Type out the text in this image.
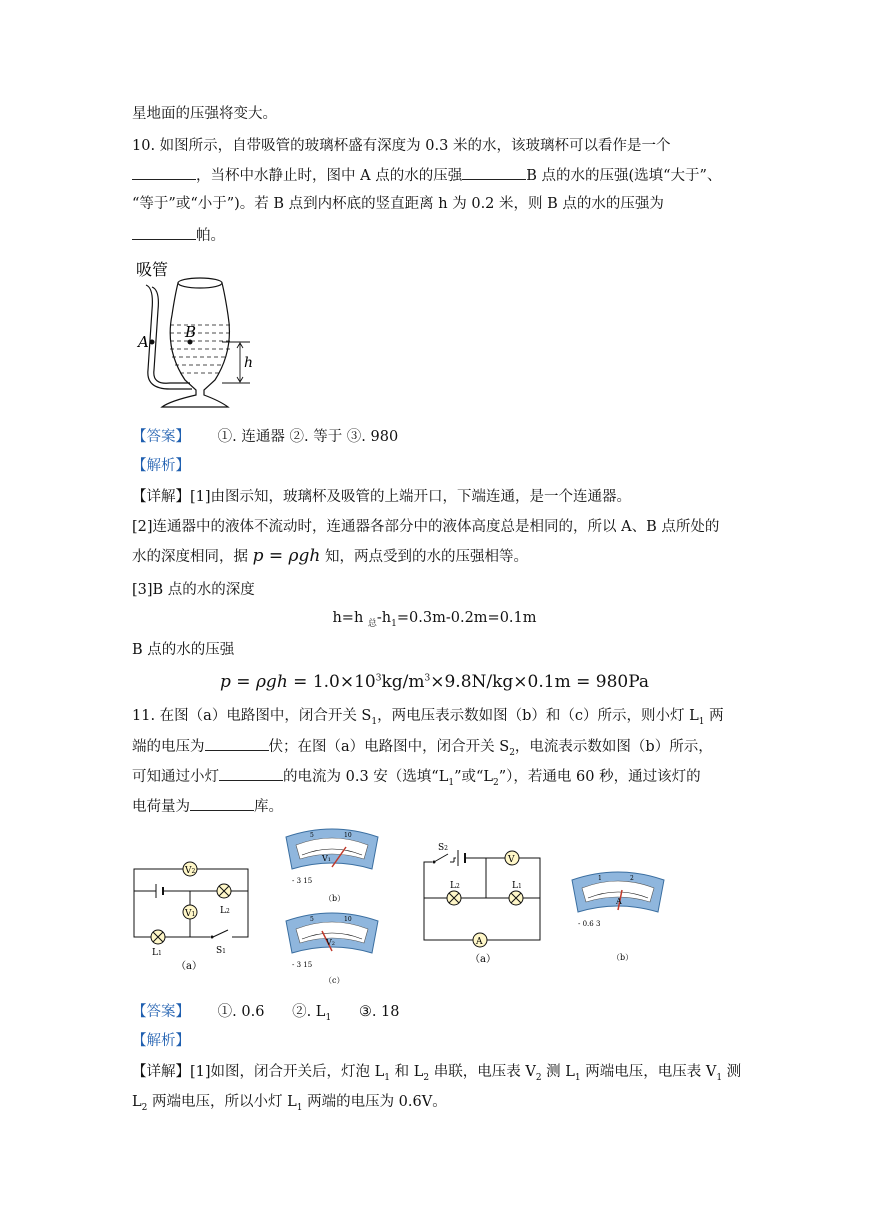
星地面的压强将变大。
10. 如图所示，自带吸管的玻璃杯盛有深度为 0.3 米的水，该玻璃杯可以看作是一个
，当杯中水静止时，图中 A 点的水的压强	B 点的水的压强(选填“大于”、
“等于”或“小于”)。若 B 点到内杯底的竖直距离 h 为 0.2 米，则 B 点的水的压强为
帕。
吸管
A
B
h
【答案】 ①. 连通器 ②. 等于 ③. 980
【解析】
【详解】[1]由图示知，玻璃杯及吸管的上端开口，下端连通，是一个连通器。
[2]连通器中的液体不流动时，连通器各部分中的液体高度总是相同的，所以 A、B 点所处的
水的深度相同，据 p = ρgh 知，两点受到的水的压强相等。
[3]B 点的水的深度
h=h $_总-h_1=0.3m-0.2m=0.1m$
B 点的水的压强
$p = \rho gh = 1.0\times 10^3kg/m^3\times 9.8N/kg\times 0.1m = 980Pa$
11. 在图（a）电路图中，闭合开关 $S_1$，两电压表示数如图（b）和（c）所示，则小灯 $L_1$ 两
端的电压为	伏；在图（a）电路图中，闭合开关 $S_2$，电流表示数如图（b）所示，
可知通过小灯	的电流为 0.3 安（选填“$L_1$”或“$L_2$”），若通电 60 秒，通过该灯的
电荷量为	库。
V2
V1	L2
L1	S1
（a）
V1
5	10
- 3 15
（b）
V2
5	10
- 3 15
（c）
V
S2
L2	L1
A
（a）
A
1	2
- 0.6 3
（b）
【答案】      ①. 0.6      ②. $L_1$      ③. 18
【解析】
【详解】[1]如图，闭合开关后，灯泡 $L_1$ 和 $L_2$ 串联，电压表 $V_2$ 测 $L_1$ 两端电压，电压表 $V_1$ 测
$L_2$ 两端电压，所以小灯 $L_1$ 两端的电压为 0.6V。
